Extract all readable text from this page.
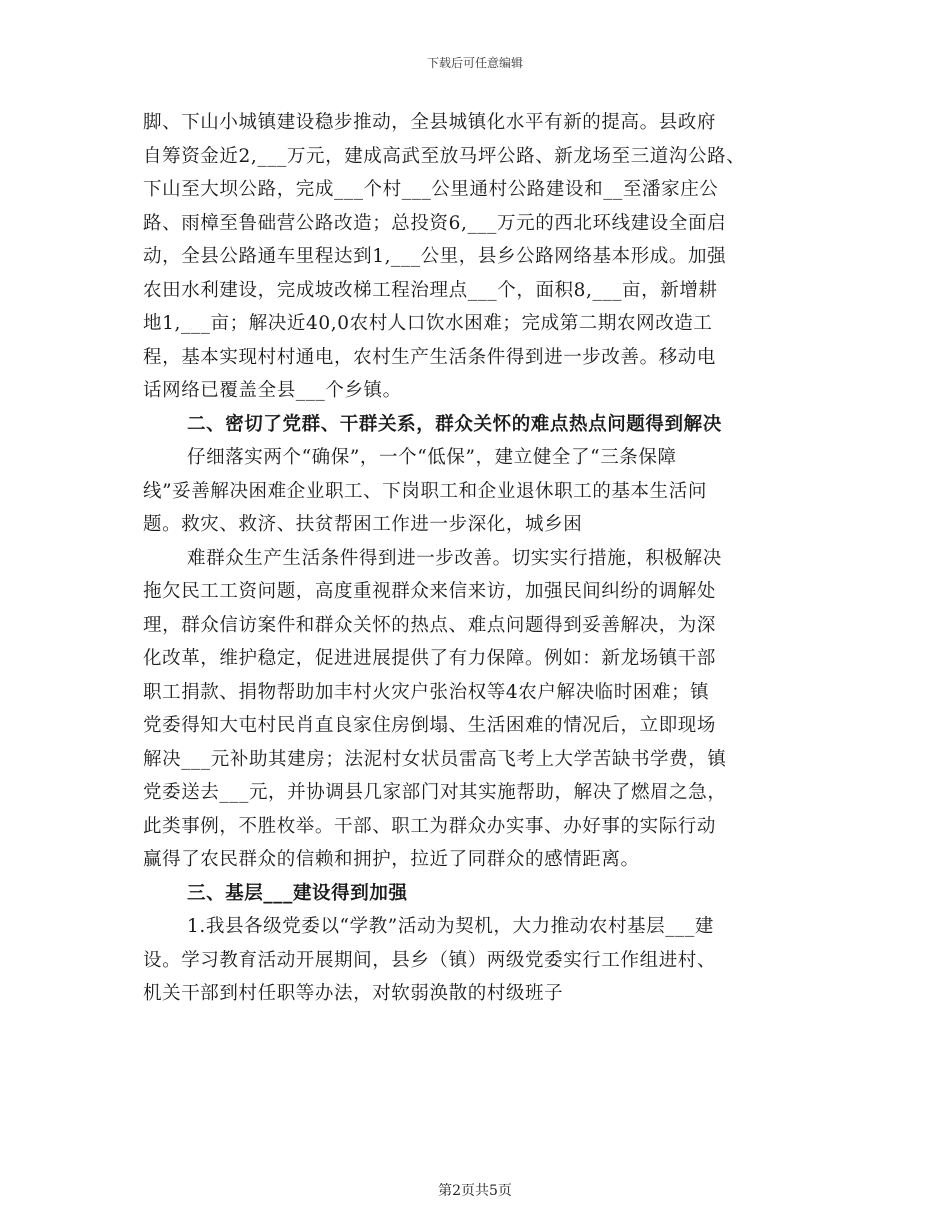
下载后可任意编辑
脚、下山小城镇建设稳步推动，全县城镇化水平有新的提高。县政府
自筹资金近2,___万元，建成高武至放马坪公路、新龙场至三道沟公路、
下山至大坝公路，完成___个村___公里通村公路建设和__至潘家庄公
路、雨樟至鲁础营公路改造；总投资6,___万元的西北环线建设全面启
动，全县公路通车里程达到1,___公里，县乡公路网络基本形成。加强
农田水利建设，完成坡改梯工程治理点___个，面积8,___亩，新增耕
地1,___亩；解决近40,0农村人口饮水困难；完成第二期农网改造工
程，基本实现村村通电，农村生产生活条件得到进一步改善。移动电
话网络已覆盖全县___个乡镇。
二、密切了党群、干群关系，群众关怀的难点热点问题得到解决
仔细落实两个“确保”，一个“低保”，建立健全了“三条保障
线”妥善解决困难企业职工、下岗职工和企业退休职工的基本生活问
题。救灾、救济、扶贫帮困工作进一步深化，城乡困
难群众生产生活条件得到进一步改善。切实实行措施，积极解决
拖欠民工工资问题，高度重视群众来信来访，加强民间纠纷的调解处
理，群众信访案件和群众关怀的热点、难点问题得到妥善解决，为深
化改革，维护稳定，促进进展提供了有力保障。例如：新龙场镇干部
职工捐款、捐物帮助加丰村火灾户张治权等4农户解决临时困难；镇
党委得知大屯村民肖直良家住房倒塌、生活困难的情况后，立即现场
解决___元补助其建房；法泥村女状员雷高飞考上大学苦缺书学费，镇
党委送去___元，并协调县几家部门对其实施帮助，解决了燃眉之急，
此类事例，不胜枚举。干部、职工为群众办实事、办好事的实际行动
赢得了农民群众的信赖和拥护，拉近了同群众的感情距离。
三、基层___建设得到加强
1.我县各级党委以“学教”活动为契机，大力推动农村基层___建
设。学习教育活动开展期间，县乡（镇）两级党委实行工作组进村、
机关干部到村任职等办法，对软弱涣散的村级班子
第2页共5页
